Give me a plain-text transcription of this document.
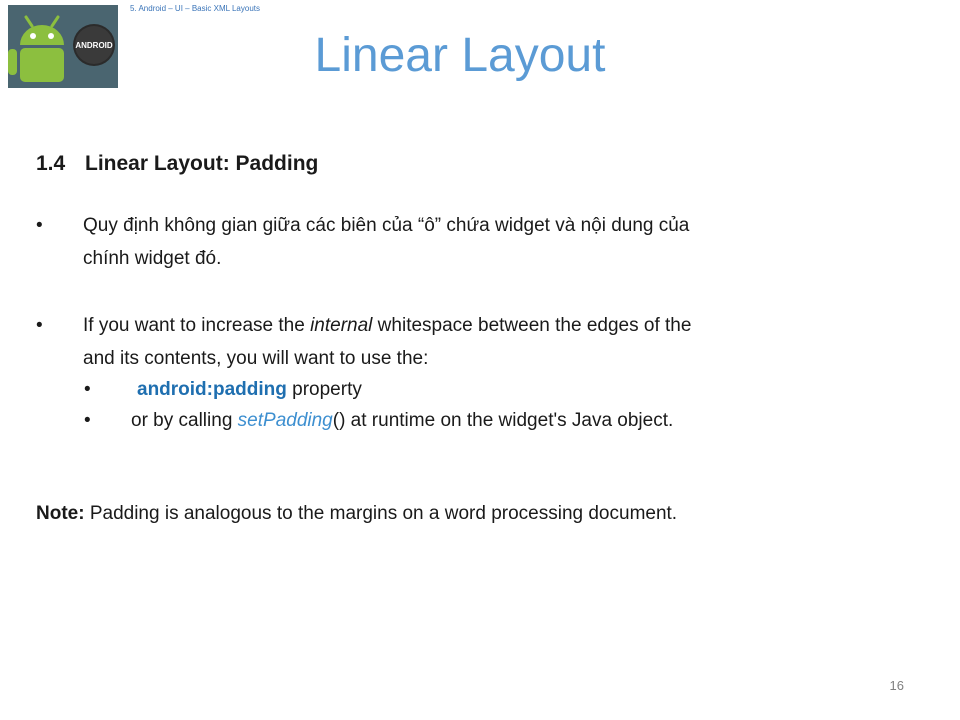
ANDROID
5. Android – UI – Basic XML Layouts
Linear Layout
1.4 Linear Layout: Padding
• Quy định không gian giữa các biên của “ô” chứa widget và nội dung của
chính widget đó.
• If you want to increase the internal whitespace between the edges of the
and its contents, you will want to use the:
• android:padding property
• or by calling setPadding() at runtime on the widget's Java object.
Note: Padding is analogous to the margins on a word processing document.
16
